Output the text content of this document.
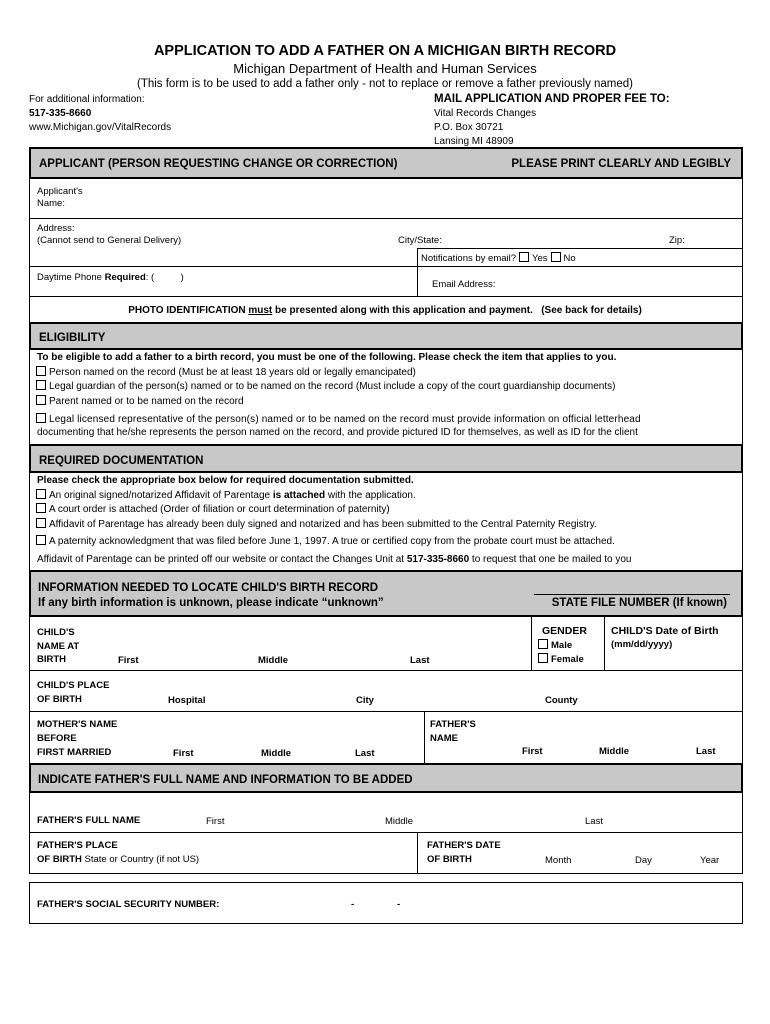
APPLICATION TO ADD A FATHER ON A MICHIGAN BIRTH RECORD
Michigan Department of Health and Human Services
(This form is to be used to add a father only - not to replace or remove a father previously named)
For additional information:
517-335-8660
www.Michigan.gov/VitalRecords
MAIL APPLICATION AND PROPER FEE TO:
Vital Records Changes
P.O. Box 30721
Lansing MI 48909
APPLICANT (PERSON REQUESTING CHANGE OR CORRECTION)	PLEASE PRINT CLEARLY AND LEGIBLY
Applicant's
Name:
Address:
(Cannot send to General Delivery)	City/State:	Zip:
Notifications by email? Yes No
Daytime Phone Required: (          )
Email Address:
PHOTO IDENTIFICATION must be presented along with this application and payment.   (See back for details)
ELIGIBILITY
To be eligible to add a father to a birth record, you must be one of the following. Please check the item that applies to you.
Person named on the record (Must be at least 18 years old or legally emancipated)
Legal guardian of the person(s) named or to be named on the record (Must include a copy of the court guardianship documents)
Parent named or to be named on the record
Legal licensed representative of the person(s) named or to be named on the record must provide information on official letterhead
documenting that he/she represents the person named on the record, and provide pictured ID for themselves, as well as ID for the client
REQUIRED DOCUMENTATION
Please check the appropriate box below for required documentation submitted.
An original signed/notarized Affidavit of Parentage is attached with the application.
A court order is attached (Order of filiation or court determination of paternity)
Affidavit of Parentage has already been duly signed and notarized and has been submitted to the Central Paternity Registry.
A paternity acknowledgment that was filed before June 1, 1997. A true or certified copy from the probate court must be attached.
Affidavit of Parentage can be printed off our website or contact the Changes Unit at 517-335-8660 to request that one be mailed to you
INFORMATION NEEDED TO LOCATE CHILD'S BIRTH RECORD
If any birth information is unknown, please indicate “unknown”	STATE FILE NUMBER (If known)
CHILD'S
NAME AT
BIRTH	First	Middle	Last
GENDER
Male
Female
CHILD'S Date of Birth
(mm/dd/yyyy)
CHILD'S PLACE
OF BIRTH	Hospital	City	County
MOTHER'S NAME
BEFORE
FIRST MARRIED	First	Middle	Last
FATHER'S
NAME
First	Middle	Last
INDICATE FATHER'S FULL NAME AND INFORMATION TO BE ADDED
FATHER'S FULL NAME	First	Middle	Last
FATHER'S PLACE
OF BIRTH State or Country (if not US)
FATHER'S DATE
OF BIRTH	Month	Day	Year
FATHER'S SOCIAL SECURITY NUMBER:	-	-
